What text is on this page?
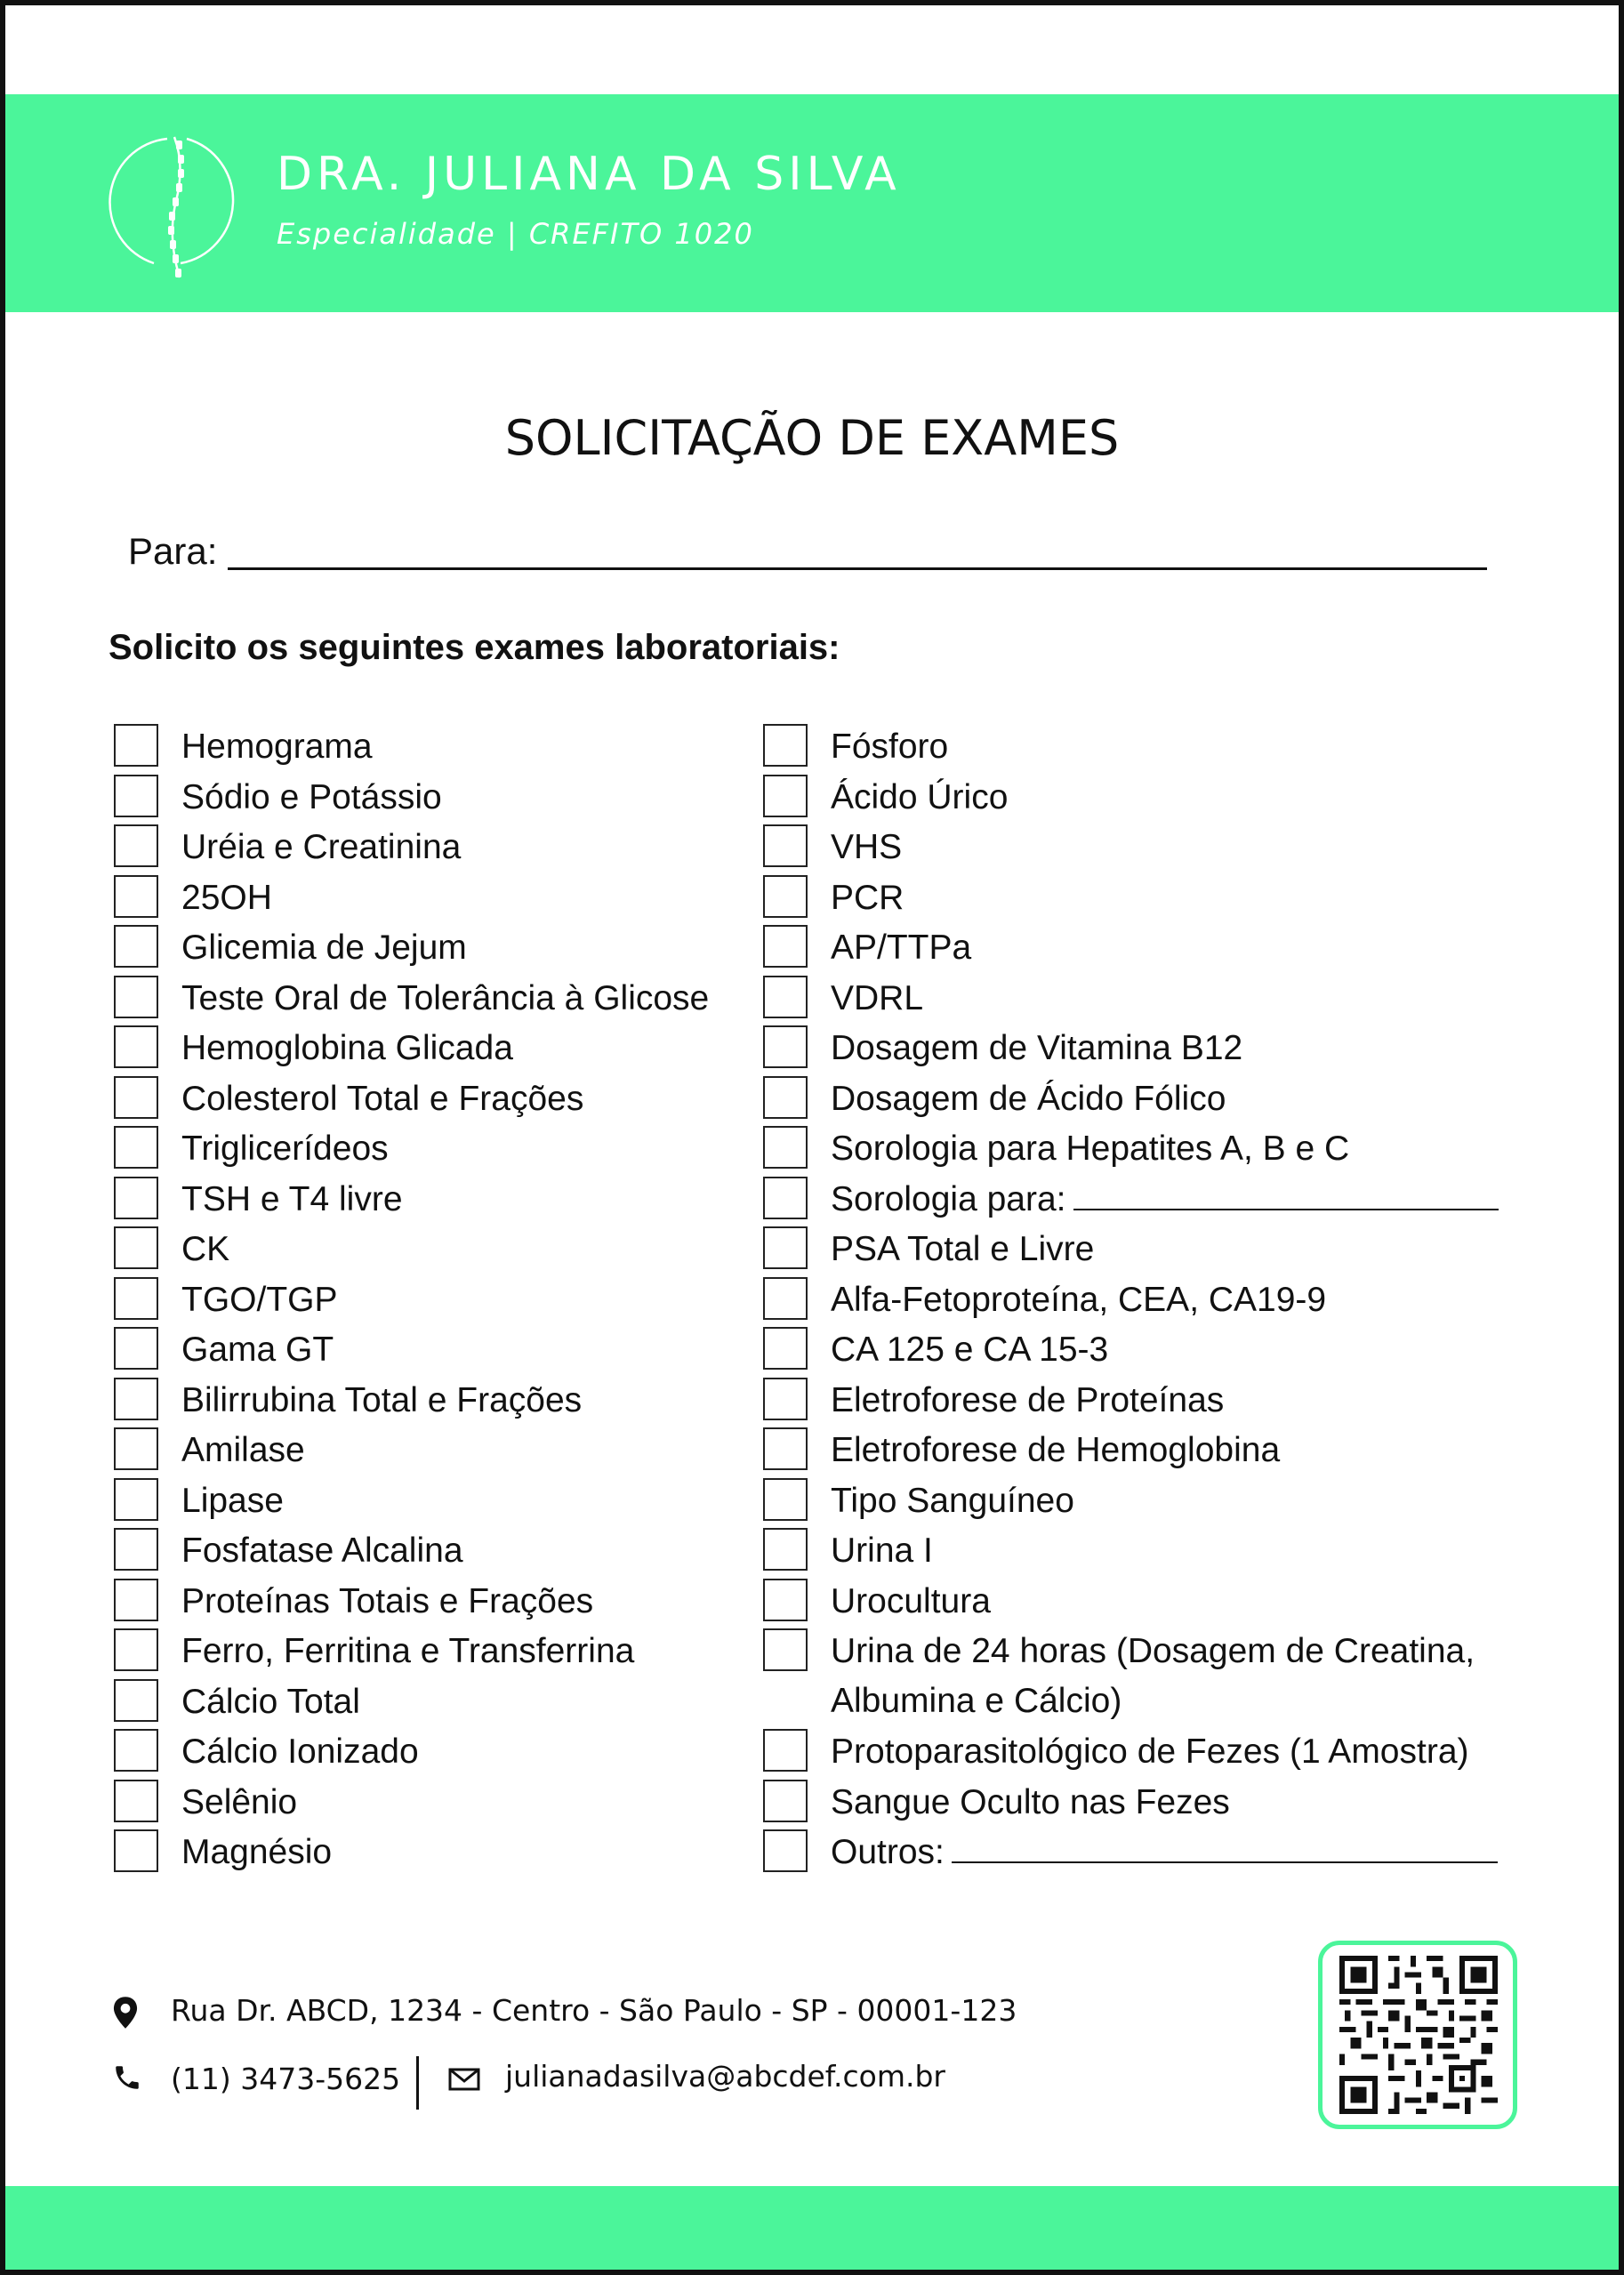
DRA. JULIANA DA SILVA
Especialidade | CREFITO 1020
SOLICITAÇÃO DE EXAMES
Para:
Solicito os seguintes exames laboratoriais:
Hemograma
Sódio e Potássio
Uréia e Creatinina
25OH
Glicemia de Jejum
Teste Oral de Tolerância à Glicose
Hemoglobina Glicada
Colesterol Total e Frações
Triglicerídeos
TSH e T4 livre
CK
TGO/TGP
Gama GT
Bilirrubina Total e Frações
Amilase
Lipase
Fosfatase Alcalina
Proteínas Totais e Frações
Ferro, Ferritina e Transferrina
Cálcio Total
Cálcio Ionizado
Selênio
Magnésio
Fósforo
Ácido Úrico
VHS
PCR
AP/TTPa
VDRL
Dosagem de Vitamina B12
Dosagem de Ácido Fólico
Sorologia para Hepatites A, B e C
Sorologia para:
PSA Total e Livre
Alfa-Fetoproteína, CEA, CA19-9
CA 125 e CA 15-3
Eletroforese de Proteínas
Eletroforese de Hemoglobina
Tipo Sanguíneo
Urina I
Urocultura
Urina de 24 horas (Dosagem de Creatina,
Albumina e Cálcio)
Protoparasitológico de Fezes (1 Amostra)
Sangue Oculto nas Fezes
Outros:
Rua Dr. ABCD, 1234 - Centro - São Paulo - SP - 00001-123
(11) 3473-5625	julianadasilva@abcdef.com.br
